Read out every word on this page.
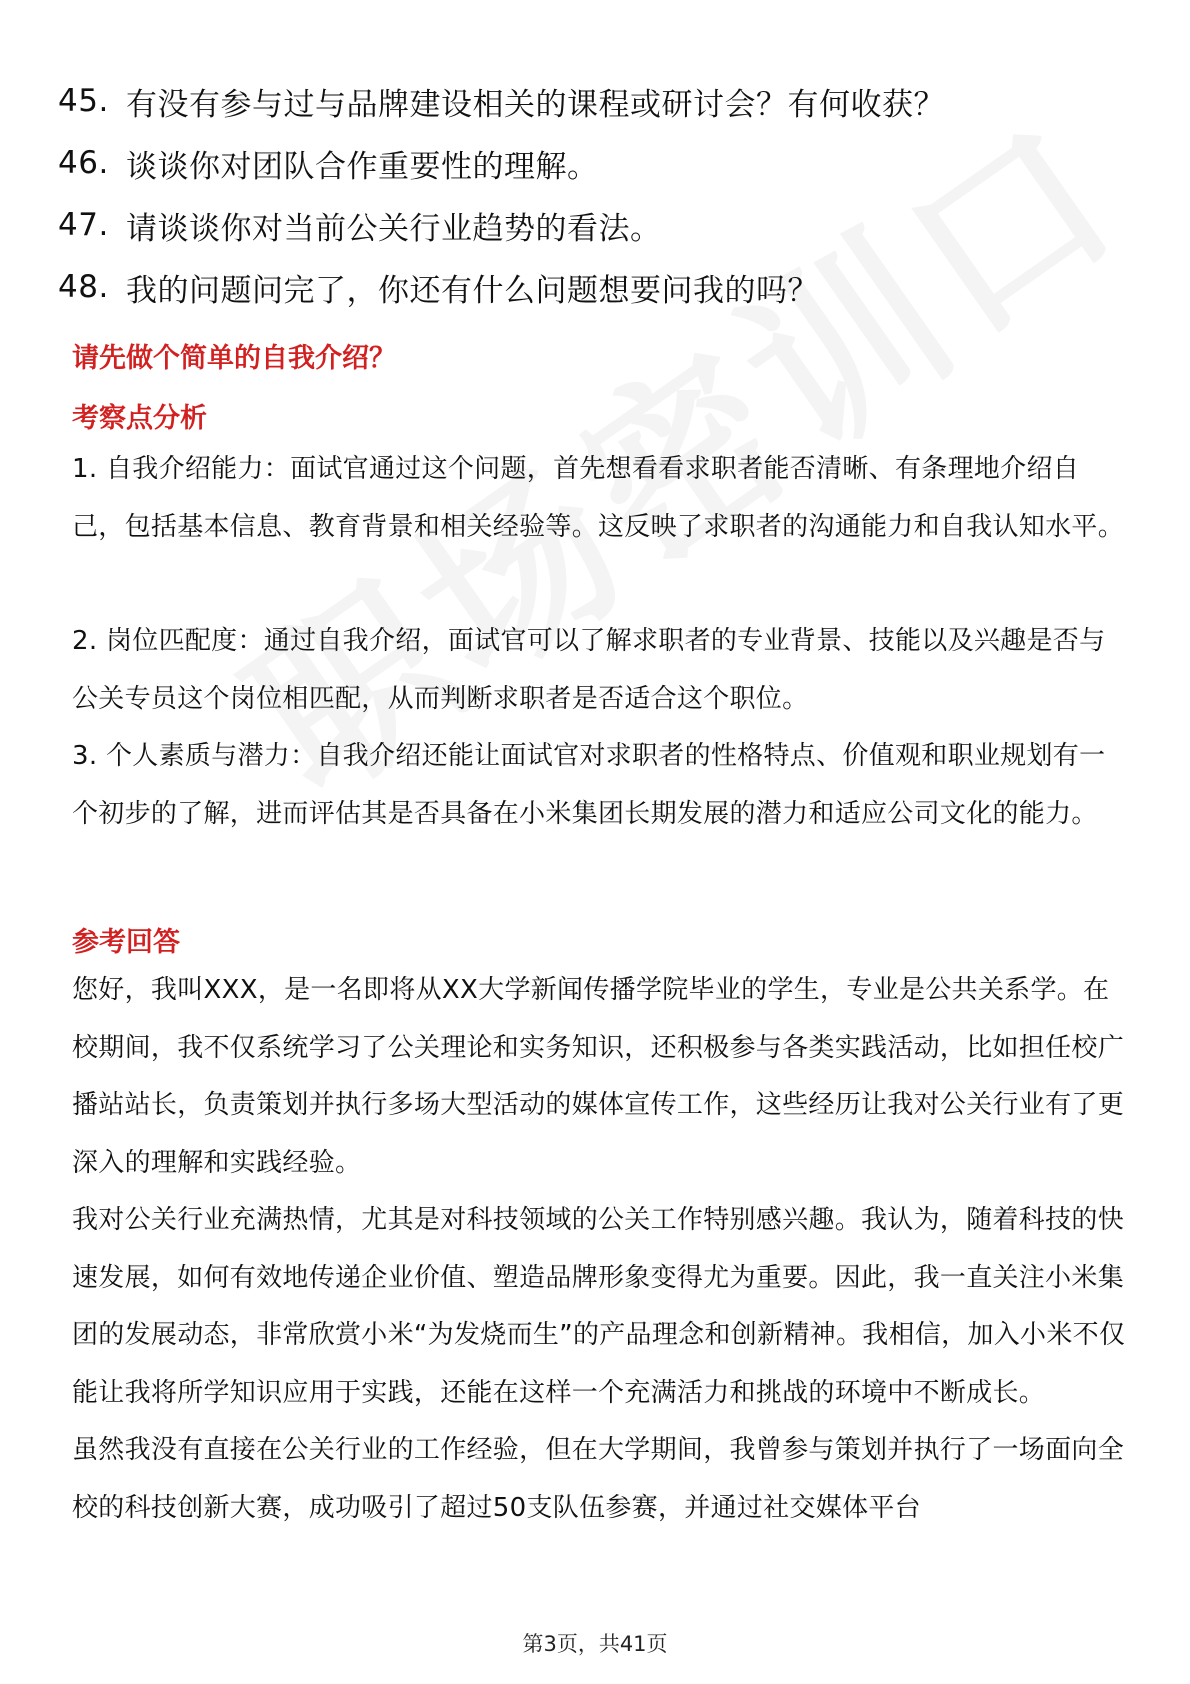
45. 有没有参与过与品牌建设相关的课程或研讨会？有何收获？
46. 谈谈你对团队合作重要性的理解。
47. 请谈谈你对当前公关行业趋势的看法。
48. 我的问题问完了，你还有什么问题想要问我的吗？
请先做个简单的自我介绍？
考察点分析
1. 自我介绍能力：面试官通过这个问题，首先想看看求职者能否清晰、有条理地介绍自己，包括基本信息、教育背景和相关经验等。这反映了求职者的沟通能力和自我认知水平。
2. 岗位匹配度：通过自我介绍，面试官可以了解求职者的专业背景、技能以及兴趣是否与公关专员这个岗位相匹配，从而判断求职者是否适合这个职位。
3. 个人素质与潜力：自我介绍还能让面试官对求职者的性格特点、价值观和职业规划有一个初步的了解，进而评估其是否具备在小米集团长期发展的潜力和适应公司文化的能力。
参考回答
您好，我叫XXX，是一名即将从XX大学新闻传播学院毕业的学生，专业是公共关系学。在校期间，我不仅系统学习了公关理论和实务知识，还积极参与各类实践活动，比如担任校广播站站长，负责策划并执行多场大型活动的媒体宣传工作，这些经历让我对公关行业有了更深入的理解和实践经验。
我对公关行业充满热情，尤其是对科技领域的公关工作特别感兴趣。我认为，随着科技的快速发展，如何有效地传递企业价值、塑造品牌形象变得尤为重要。因此，我一直关注小米集团的发展动态，非常欣赏小米“为发烧而生”的产品理念和创新精神。我相信，加入小米不仅能让我将所学知识应用于实践，还能在这样一个充满活力和挑战的环境中不断成长。
虽然我没有直接在公关行业的工作经验，但在大学期间，我曾参与策划并执行了一场面向全校的科技创新大赛，成功吸引了超过50支队伍参赛，并通过社交媒体平台
第3页，共41页
